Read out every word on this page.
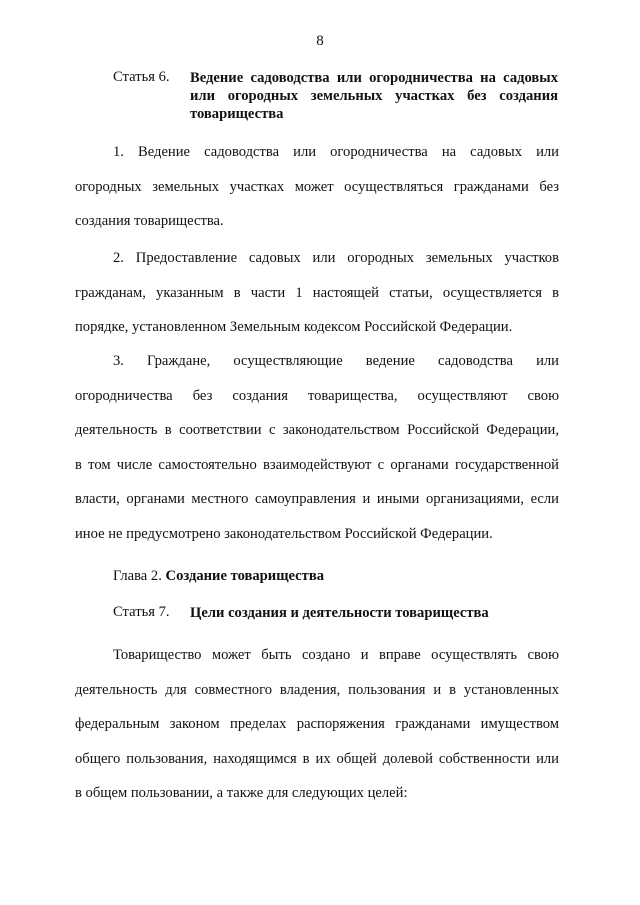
8
Статья 6.	Ведение садоводства или огородничества на садовых или огородных земельных участках без создания товарищества
1. Ведение садоводства или огородничества на садовых или
огородных земельных участках может осуществляться гражданами без
создания товарищества.
2. Предоставление садовых или огородных земельных участков
гражданам, указанным в части 1 настоящей статьи, осуществляется в
порядке, установленном Земельным кодексом Российской Федерации.
3. Граждане, осуществляющие ведение садоводства или
огородничества без создания товарищества, осуществляют свою
деятельность в соответствии с законодательством Российской Федерации,
в том числе самостоятельно взаимодействуют с органами государственной
власти, органами местного самоуправления и иными организациями, если
иное не предусмотрено законодательством Российской Федерации.
Глава 2. Создание товарищества
Статья 7.	Цели создания и деятельности товарищества
Товарищество может быть создано и вправе осуществлять свою
деятельность для совместного владения, пользования и в установленных
федеральным законом пределах распоряжения гражданами имуществом
общего пользования, находящимся в их общей долевой собственности или
в общем пользовании, а также для следующих целей:
